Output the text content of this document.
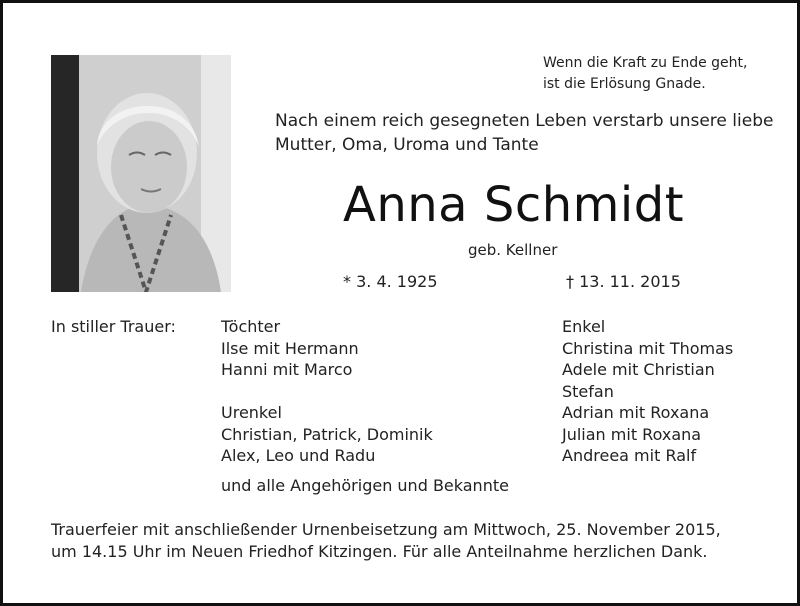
Wenn die Kraft zu Ende geht,
ist die Erlösung Gnade.
Nach einem reich gesegneten Leben verstarb unsere liebe
Mutter, Oma, Uroma und Tante
Anna Schmidt
geb. Kellner
* 3. 4. 1925	† 13. 11. 2015
In stiller Trauer:	Töchter
Ilse mit Hermann
Hanni mit Marco

Urenkel
Christian, Patrick, Dominik
Alex, Leo und Radu
Enkel
Christina mit Thomas
Adele mit Christian
Stefan
Adrian mit Roxana
Julian mit Roxana
Andreea mit Ralf
und alle Angehörigen und Bekannte
Trauerfeier mit anschließender Urnenbeisetzung am Mittwoch, 25. November 2015,
um 14.15 Uhr im Neuen Friedhof Kitzingen. Für alle Anteilnahme herzlichen Dank.
